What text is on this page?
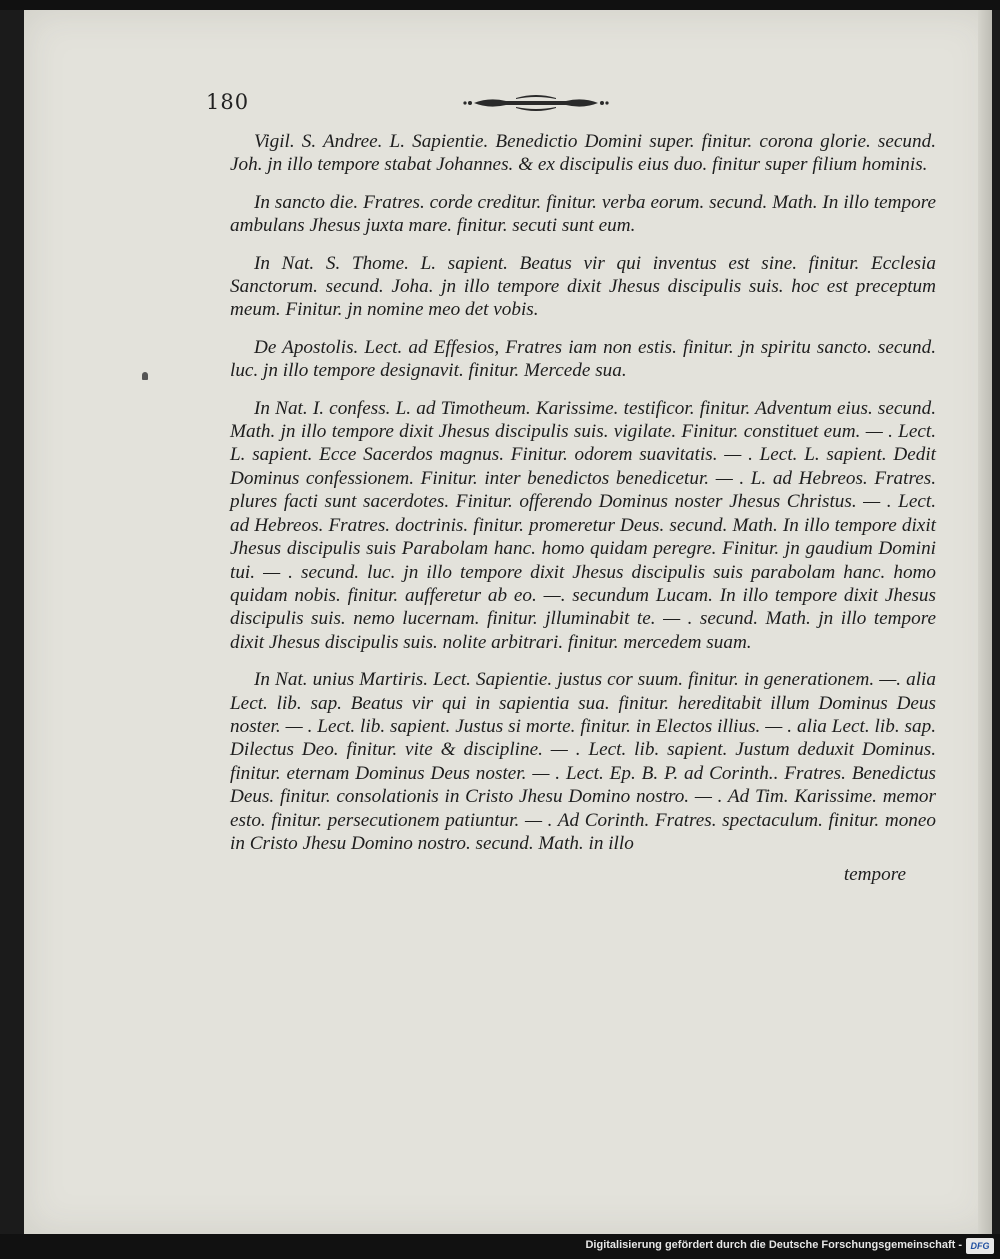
180

Vigil. S. Andree. L. Sapientie. Benedictio Domini super. finitur. corona glorie. secund. Joh. jn illo tempore stabat Johannes. & ex discipulis eius duo. finitur super filium hominis.

In sancto die. Fratres. corde creditur. finitur. verba eorum. secund. Math. In illo tempore ambulans Jhesus juxta mare. finitur. secuti sunt eum.

In Nat. S. Thome. L. sapient. Beatus vir qui inventus est sine. finitur. Ecclesia Sanctorum. secund. Joha. jn illo tempore dixit Jhesus discipulis suis. hoc est preceptum meum. Finitur. jn nomine meo det vobis.

De Apostolis. Lect. ad Effesios, Fratres iam non estis. finitur. jn spiritu sancto. secund. luc. jn illo tempore designavit. finitur. Mercede sua.

In Nat. I. confess. L. ad Timotheum. Karissime. testificor. finitur. Adventum eius. secund. Math. jn illo tempore dixit Jhesus discipulis suis. vigilate. Finitur. constituet eum. — . Lect. L. sapient. Ecce Sacerdos magnus. Finitur. odorem suavitatis. — . Lect. L. sapient. Dedit Dominus confessionem. Finitur. inter benedictos benedicetur. — . L. ad Hebreos. Fratres. plures facti sunt sacerdotes. Finitur. offerendo Dominus noster Jhesus Christus. — . Lect. ad Hebreos. Fratres. doctrinis. finitur. promeretur Deus. secund. Math. In illo tempore dixit Jhesus discipulis suis Parabolam hanc. homo quidam peregre. Finitur. jn gaudium Domini tui. — . secund. luc. jn illo tempore dixit Jhesus discipulis suis parabolam hanc. homo quidam nobis. finitur. aufferetur ab eo. —. secundum Lucam. In illo tempore dixit Jhesus discipulis suis. nemo lucernam. finitur. jlluminabit te. — . secund. Math. jn illo tempore dixit Jhesus discipulis suis. nolite arbitrari. finitur. mercedem suam.

In Nat. unius Martiris. Lect. Sapientie. justus cor suum. finitur. in generationem. —. alia Lect. lib. sap. Beatus vir qui in sapientia sua. finitur. hereditabit illum Dominus Deus noster. — . Lect. lib. sapient. Justus si morte. finitur. in Electos illius. — . alia Lect. lib. sap. Dilectus Deo. finitur. vite & discipline. — . Lect. lib. sapient. Justum deduxit Dominus. finitur. eternam Dominus Deus noster. — . Lect. Ep. B. P. ad Corinth.. Fratres. Benedictus Deus. finitur. consolationis in Cristo Jhesu Domino nostro. — . Ad Tim. Karissime. memor esto. finitur. persecutionem patiuntur. — . Ad Corinth. Fratres. spectaculum. finitur. moneo in Cristo Jhesu Domino nostro. secund. Math. in illo

tempore
Digitalisierung gefördert durch die Deutsche Forschungsgemeinschaft - DFG
